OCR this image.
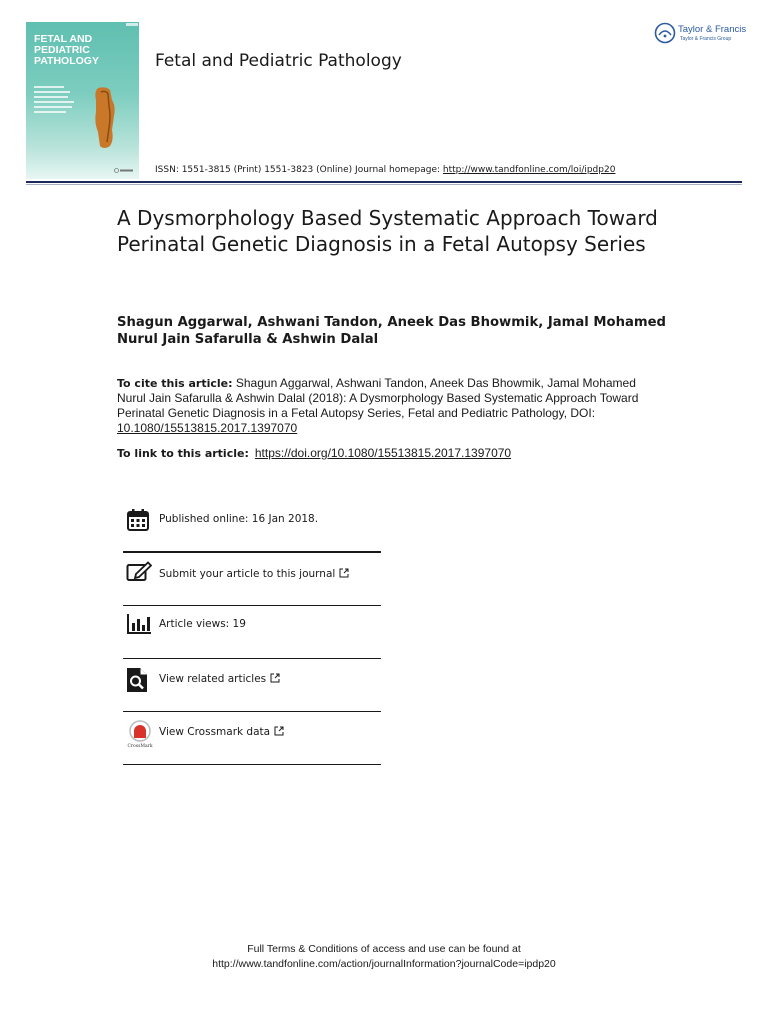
FETAL AND
PEDIATRIC
PATHOLOGY	Fetal and Pediatric Pathology
Taylor & Francis
Taylor & Francis Group
ISSN: 1551-3815 (Print) 1551-3823 (Online) Journal homepage: http://www.tandfonline.com/loi/ipdp20
A Dysmorphology Based Systematic Approach Toward Perinatal Genetic Diagnosis in a Fetal Autopsy Series
Shagun Aggarwal, Ashwani Tandon, Aneek Das Bhowmik, Jamal Mohamed Nurul Jain Safarulla & Ashwin Dalal
To cite this article: Shagun Aggarwal, Ashwani Tandon, Aneek Das Bhowmik, Jamal Mohamed Nurul Jain Safarulla & Ashwin Dalal (2018): A Dysmorphology Based Systematic Approach Toward Perinatal Genetic Diagnosis in a Fetal Autopsy Series, Fetal and Pediatric Pathology, DOI: 10.1080/15513815.2017.1397070
To link to this article: https://doi.org/10.1080/15513815.2017.1397070
Published online: 16 Jan 2018.
Submit your article to this journal
Article views: 19
View related articles
CrossMark
View Crossmark data
Full Terms & Conditions of access and use can be found at
http://www.tandfonline.com/action/journalInformation?journalCode=ipdp20
